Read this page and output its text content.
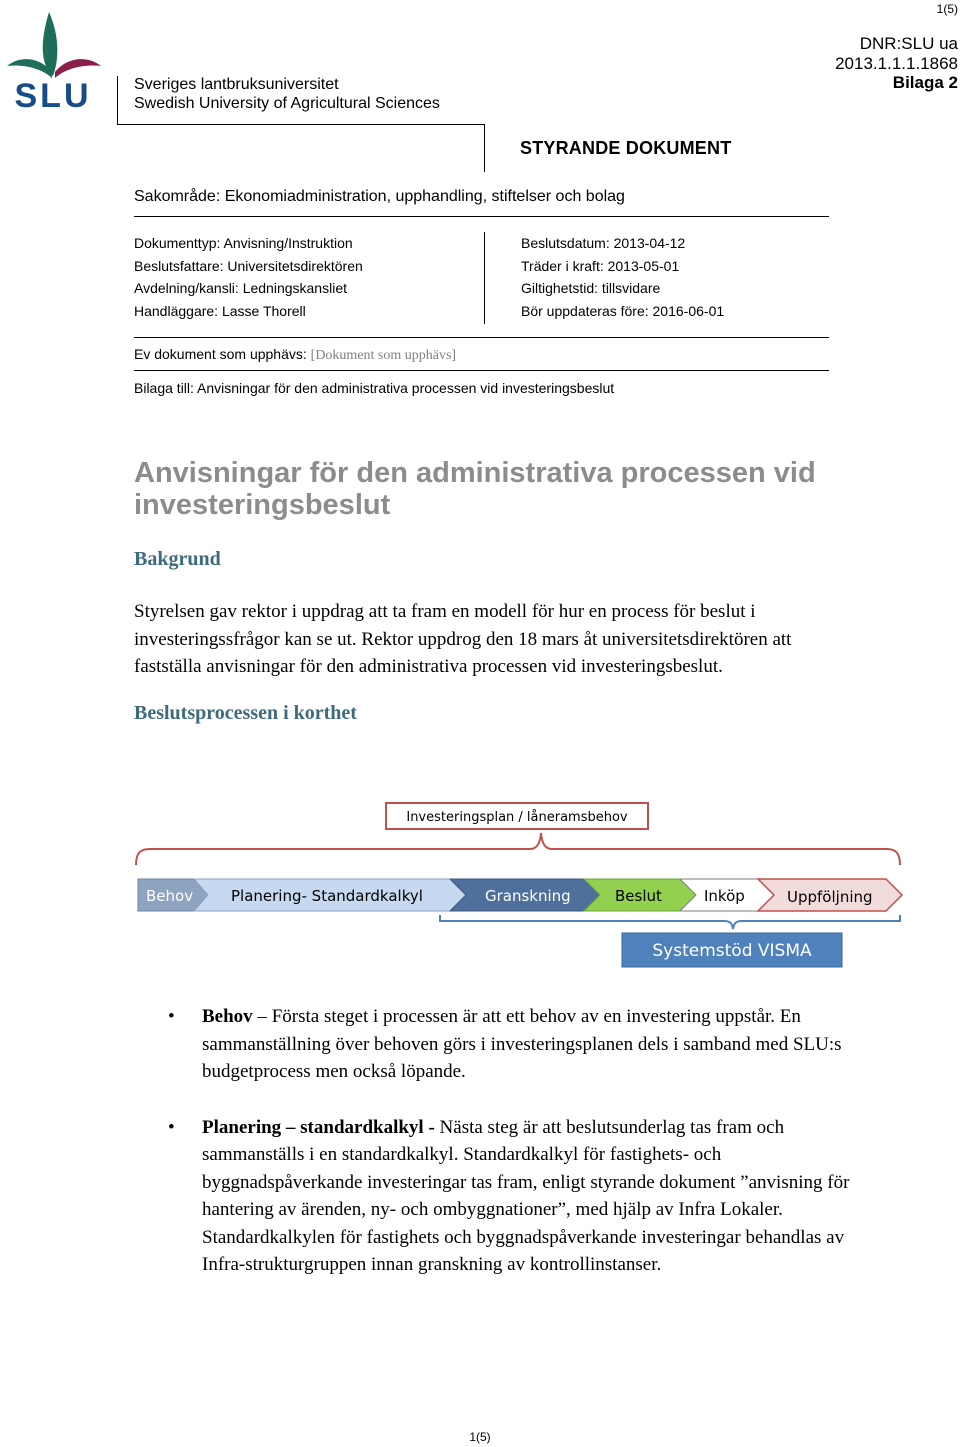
1(5)
DNR:SLU ua
2013.1.1.1.1868
Bilaga 2
SLU	Sveriges lantbruksuniversitet
Swedish University of Agricultural Sciences
STYRANDE DOKUMENT
Sakområde: Ekonomiadministration, upphandling, stiftelser och bolag
Dokumenttyp: Anvisning/Instruktion
Beslutsfattare: Universitetsdirektören
Avdelning/kansli: Ledningskansliet
Handläggare: Lasse Thorell
Beslutsdatum: 2013-04-12
Träder i kraft: 2013-05-01
Giltighetstid: tillsvidare
Bör uppdateras före: 2016-06-01
Ev dokument som upphävs: [Dokument som upphävs]
Bilaga till: Anvisningar för den administrativa processen vid investeringsbeslut
Anvisningar för den administrativa processen vid investeringsbeslut
Bakgrund
Styrelsen gav rektor i uppdrag att ta fram en modell för hur en process för beslut i investeringssfrågor kan se ut. Rektor uppdrog den 18 mars åt universitetsdirektören att fastställa anvisningar för den administrativa processen vid investeringsbeslut.
Beslutsprocessen i korthet
Investeringsplan / låneramsbehov
Behov	Planering- Standardkalkyl	Granskning	Beslut	Inköp	Uppföljning
Systemstöd VISMA
• Behov – Första steget i processen är att ett behov av en investering uppstår. En sammanställning över behoven görs i investeringsplanen dels i samband med SLU:s budgetprocess men också löpande.
• Planering – standardkalkyl - Nästa steg är att beslutsunderlag tas fram och sammanställs i en standardkalkyl. Standardkalkyl för fastighets- och byggnadspåverkande investeringar tas fram, enligt styrande dokument ”anvisning för hantering av ärenden, ny- och ombyggnationer”, med hjälp av Infra Lokaler. Standardkalkylen för fastighets och byggnadspåverkande investeringar behandlas av Infra-strukturgruppen innan granskning av kontrollinstanser.
1(5)
